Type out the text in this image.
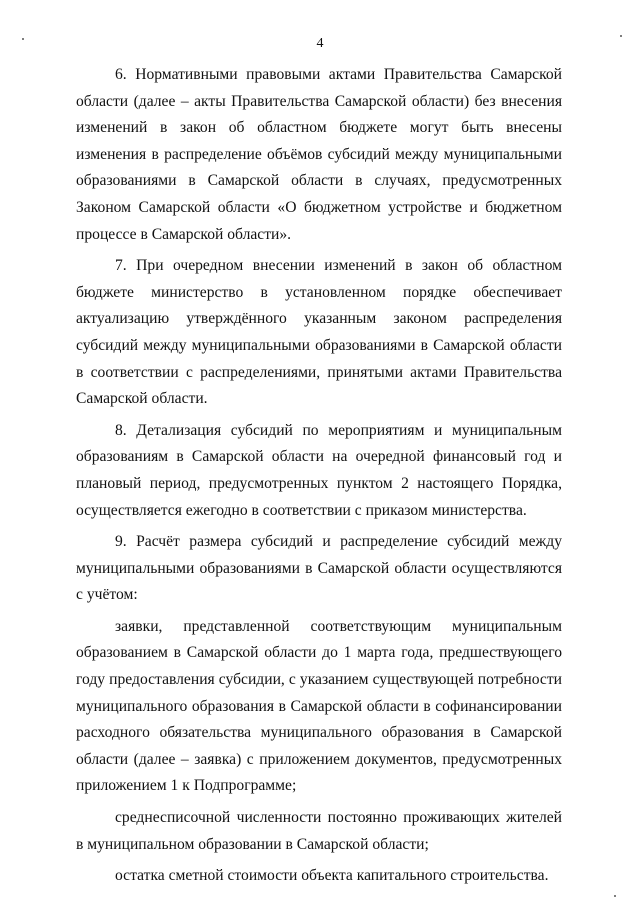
4

6. Нормативными правовыми актами Правительства Самарской области (далее – акты Правительства Самарской области) без внесения изменений в закон об областном бюджете могут быть внесены изменения в распределение объёмов субсидий между муниципальными образованиями в Самарской области в случаях, предусмотренных Законом Самарской области «О бюджетном устройстве и бюджетном процессе в Самарской области».

7. При очередном внесении изменений в закон об областном бюджете министерство в установленном порядке обеспечивает актуализацию утверждённого указанным законом распределения субсидий между муниципальными образованиями в Самарской области в соответствии с распределениями, принятыми актами Правительства Самарской области.

8. Детализация субсидий по мероприятиям и муниципальным образованиям в Самарской области на очередной финансовый год и плановый период, предусмотренных пунктом 2 настоящего Порядка, осуществляется ежегодно в соответствии с приказом министерства.

9. Расчёт размера субсидий и распределение субсидий между муниципальными образованиями в Самарской области осуществляются с учётом:

заявки, представленной соответствующим муниципальным образованием в Самарской области до 1 марта года, предшествующего году предоставления субсидии, с указанием существующей потребности муниципального образования в Самарской области в софинансировании расходного обязательства муниципального образования в Самарской области (далее – заявка) с приложением документов, предусмотренных приложением 1 к Подпрограмме;

среднесписочной численности постоянно проживающих жителей в муниципальном образовании в Самарской области;

остатка сметной стоимости объекта капитального строительства.
